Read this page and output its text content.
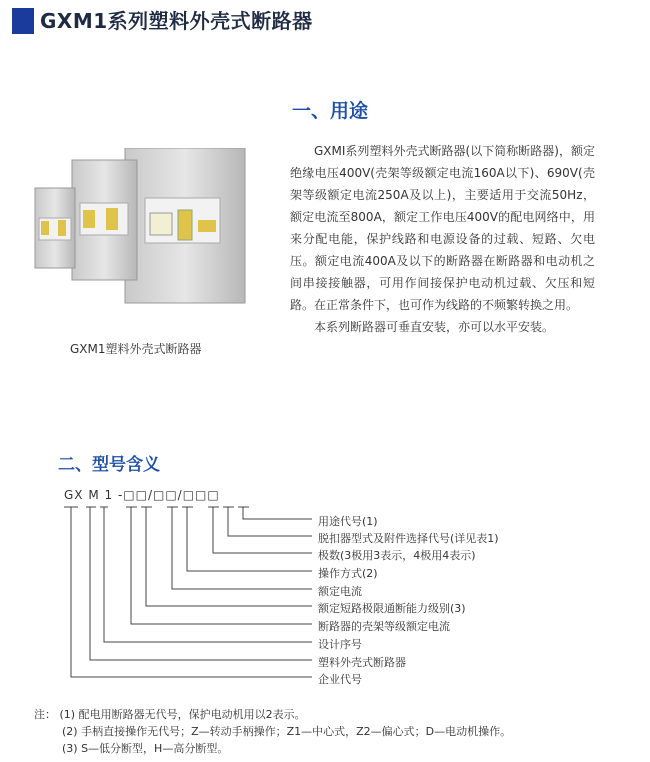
GXM1系列塑料外壳式断路器
GXM1塑料外壳式断路器
一、用途

GXMI系列塑料外壳式断路器(以下简称断路器)，额定绝缘电压400V(壳架等级额定电流160A以下)、690V(壳架等级额定电流250A及以上)，主要适用于交流50Hz，额定电流至800A，额定工作电压400V的配电网络中，用来分配电能，保护线路和电源设备的过载、短路、欠电压。额定电流400A及以下的断路器在断路器和电动机之间串接接触器，可用作间接保护电动机过载、欠压和短路。在正常条件下，也可作为线路的不频繁转换之用。

本系列断路器可垂直安装，亦可以水平安装。

二、型号含义
GX M 1 -□□/□□/□□□
用途代号(1)
脱扣器型式及附件选择代号(详见表1)
极数(3极用3表示，4极用4表示)
操作方式(2)
额定电流
额定短路极限通断能力级别(3)
断路器的壳架等级额定电流
设计序号
塑料外壳式断路器
企业代号
注： (1) 配电用断路器无代号，保护电动机用以2表示。
(2) 手柄直接操作无代号；Z—转动手柄操作；Z1—中心式，Z2—偏心式；D—电动机操作。
(3) S—低分断型，H—高分断型。
